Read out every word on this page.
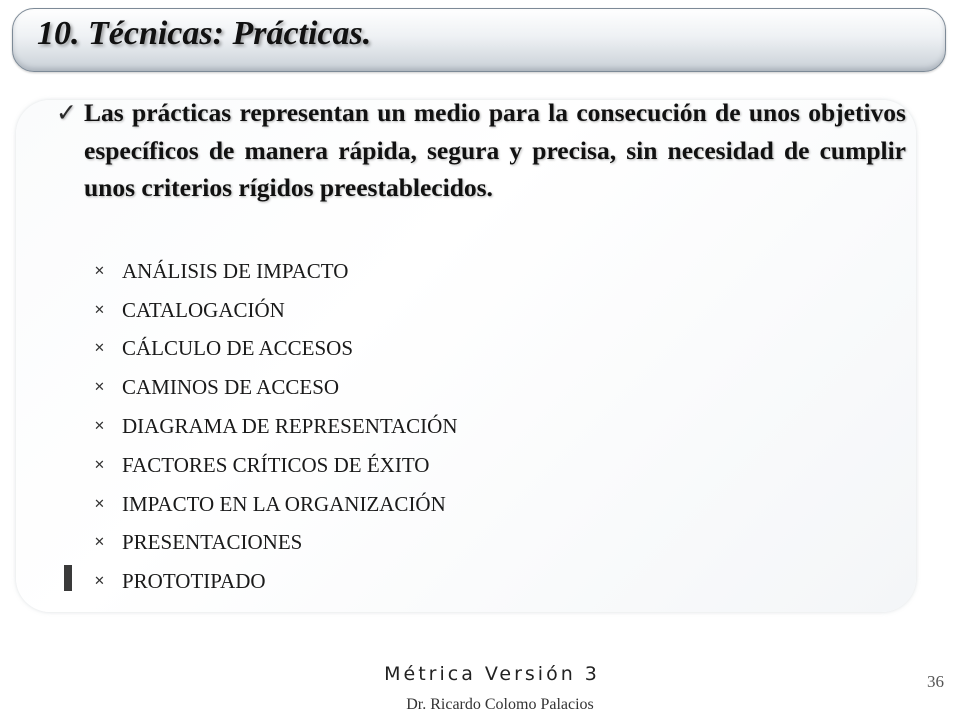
10. Técnicas: Prácticas.
✓ Las prácticas representan un medio para la consecución de unos objetivos específicos de manera rápida, segura y precisa, sin necesidad de cumplir unos criterios rígidos preestablecidos.

✕ ANÁLISIS DE IMPACTO
✕ CATALOGACIÓN
✕ CÁLCULO DE ACCESOS
✕ CAMINOS DE ACCESO
✕ DIAGRAMA DE REPRESENTACIÓN
✕ FACTORES CRÍTICOS DE ÉXITO
✕ IMPACTO EN LA ORGANIZACIÓN
✕ PRESENTACIONES
✕ PROTOTIPADO
Métrica Versión 3
Dr. Ricardo Colomo Palacios
36
